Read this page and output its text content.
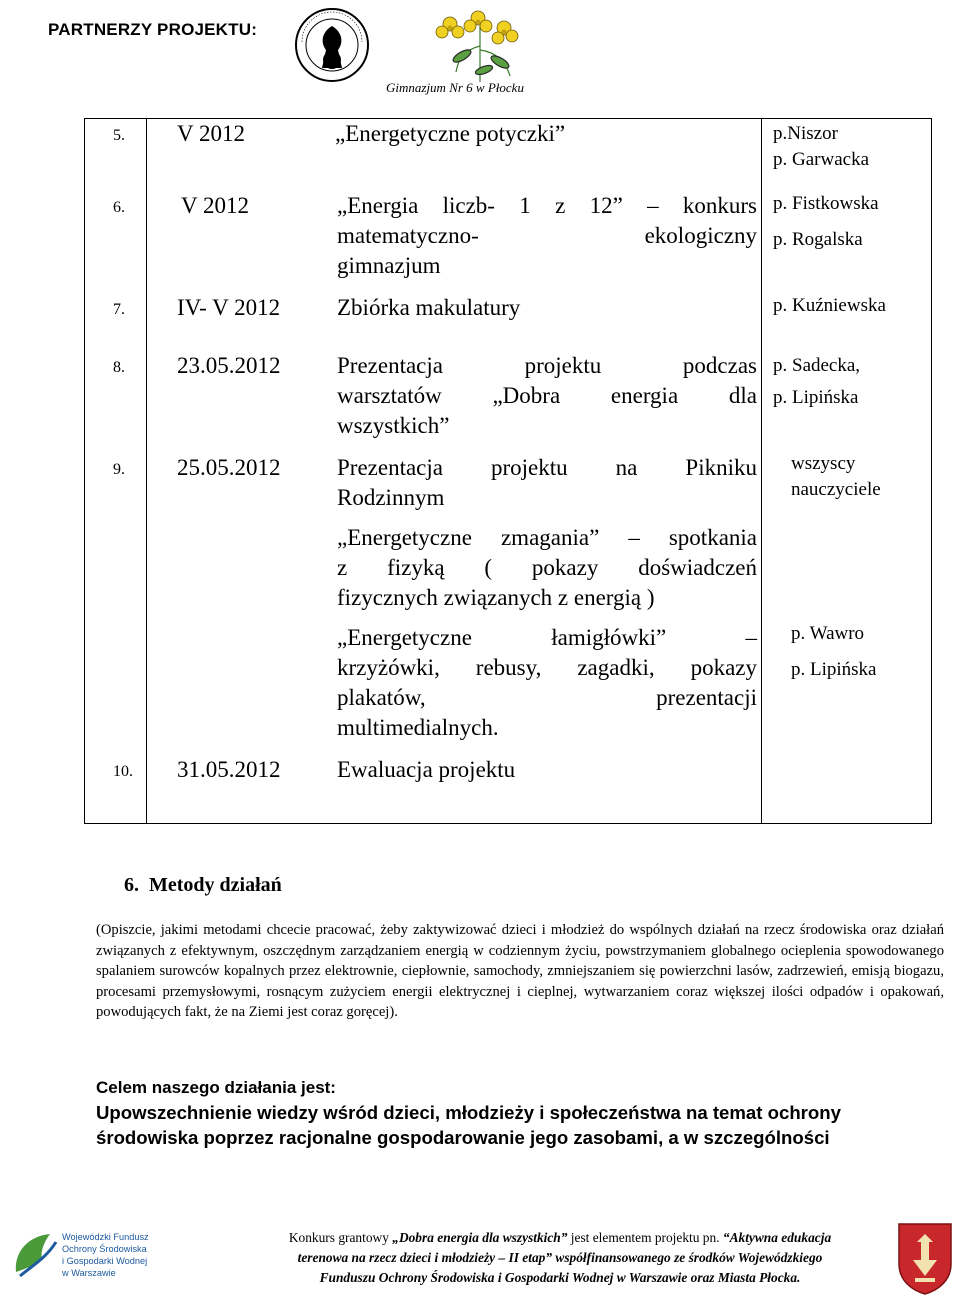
PARTNERZY PROJEKTU:
Gimnazjum Nr 6 w Płocku
5. V 2012	„Energetyczne potyczki”	p.Niszor
p. Garwacka
6. V 2012	„Energia liczb- 1 z 12” – konkurs
matematyczno- ekologiczny
gimnazjum
p. Fistkowska
p. Rogalska
7. IV- V 2012 Zbiórka makulatury	p. Kuźniewska
8. 23.05.2012 Prezentacja projektu podczas
warsztatów „Dobra energia dla
wszystkich”
p. Sadecka,
p. Lipińska
9. 25.05.2012 Prezentacja projektu na Pikniku
Rodzinnym
wszyscy
nauczyciele
„Energetyczne zmagania” – spotkania
z fizyką ( pokazy doświadczeń
fizycznych związanych z energią )
„Energetyczne łamigłówki” –
krzyżówki, rebusy, zagadki, pokazy
plakatów, prezentacji
multimedialnych.
p. Wawro
p. Lipińska
10. 31.05.2012 Ewaluacja projektu
6. Metody działań
(Opiszcie, jakimi metodami chcecie pracować, żeby zaktywizować dzieci i młodzież do wspólnych działań na rzecz środowiska oraz działań związanych z efektywnym, oszczędnym zarządzaniem energią w codziennym życiu, powstrzymaniem globalnego ocieplenia spowodowanego spalaniem surowców kopalnych przez elektrownie, ciepłownie, samochody, zmniejszaniem się powierzchni lasów, zadrzewień, emisją biogazu, procesami przemysłowymi, rosnącym zużyciem energii elektrycznej i cieplnej, wytwarzaniem coraz większej ilości odpadów i opakowań, powodujących fakt, że na Ziemi jest coraz goręcej).
Celem naszego działania jest:
Upowszechnienie wiedzy wśród dzieci, młodzieży i społeczeństwa na temat ochrony środowiska poprzez racjonalne gospodarowanie jego zasobami, a w szczególności
Wojewódzki Fundusz
Ochrony Środowiska
i Gospodarki Wodnej
w Warszawie
Konkurs grantowy „Dobra energia dla wszystkich” jest elementem projektu pn. “Aktywna edukacja
terenowa na rzecz dzieci i młodzieży – II etap” współfinansowanego ze środków Wojewódzkiego
Funduszu Ochrony Środowiska i Gospodarki Wodnej w Warszawie oraz Miasta Płocka.
